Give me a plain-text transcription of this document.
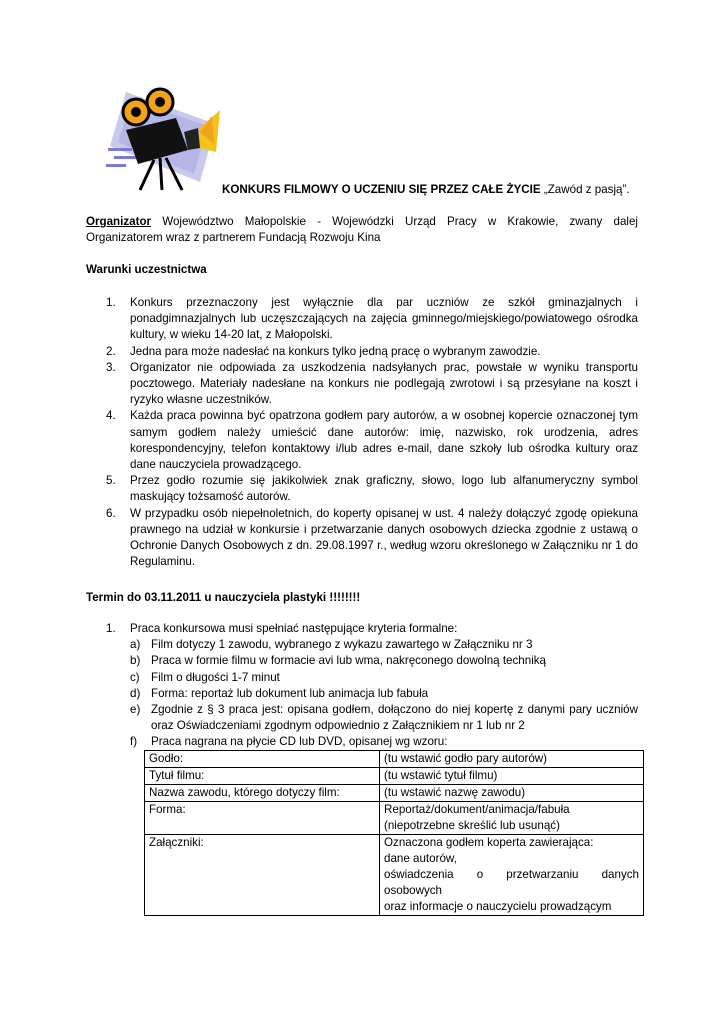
KONKURS FILMOWY O UCZENIU SIĘ PRZEZ CAŁE ŻYCIE „Zawód z pasją”.
Organizator Województwo Małopolskie - Wojewódzki Urząd Pracy w Krakowie, zwany dalej Organizatorem wraz z partnerem Fundacją Rozwoju Kina
Warunki uczestnictwa
1. Konkurs przeznaczony jest wyłącznie dla par uczniów ze szkół gminazjalnych i ponadgimnazjalnych lub uczęszczających na zajęcia gminnego/miejskiego/powiatowego ośrodka kultury, w wieku 14-20 lat, z Małopolski.
2. Jedna para może nadesłać na konkurs tylko jedną pracę o wybranym zawodzie.
3. Organizator nie odpowiada za uszkodzenia nadsyłanych prac, powstałe w wyniku transportu pocztowego. Materiały nadesłane na konkurs nie podlegają zwrotowi i są przesyłane na koszt i ryzyko własne uczestników.
4. Każda praca powinna być opatrzona godłem pary autorów, a w osobnej kopercie oznaczonej tym samym godłem należy umieścić dane autorów: imię, nazwisko, rok urodzenia, adres korespondencyjny, telefon kontaktowy i/lub adres e-mail, dane szkoły lub ośrodka kultury oraz dane nauczyciela prowadzącego.
5. Przez godło rozumie się jakikolwiek znak graficzny, słowo, logo lub alfanumeryczny symbol maskujący tożsamość autorów.
6. W przypadku osób niepełnoletnich, do koperty opisanej w ust. 4 należy dołączyć zgodę opiekuna prawnego na udział w konkursie i przetwarzanie danych osobowych dziecka zgodnie z ustawą o Ochronie Danych Osobowych z dn. 29.08.1997 r., według wzoru określonego w Załączniku nr 1 do Regulaminu.
Termin do 03.11.2011 u nauczyciela plastyki !!!!!!!!
1. Praca konkursowa musi spełniać następujące kryteria formalne:
a) Film dotyczy 1 zawodu, wybranego z wykazu zawartego w Załączniku nr 3
b) Praca w formie filmu w formacie avi lub wma, nakręconego dowolną techniką
c) Film o długości 1-7 minut
d) Forma: reportaż lub dokument lub animacja lub fabuła
e) Zgodnie z § 3 praca jest: opisana godłem, dołączono do niej kopertę z danymi pary uczniów oraz Oświadczeniami zgodnym odpowiednio z Załącznikiem nr 1 lub nr 2
f) Praca nagrana na płycie CD lub DVD, opisanej wg wzoru:
Godło:	(tu wstawić godło pary autorów)
Tytuł filmu:	(tu wstawić tytuł filmu)
Nazwa zawodu, którego dotyczy film:	(tu wstawić nazwę zawodu)
Forma:	Reportaż/dokument/animacja/fabuła (niepotrzebne skreślić lub usunąć)
Załączniki:	Oznaczona godłem koperta zawierająca:
dane autorów,
oświadczenia o przetwarzaniu danych osobowych
oraz informacje o nauczycielu prowadzącym
